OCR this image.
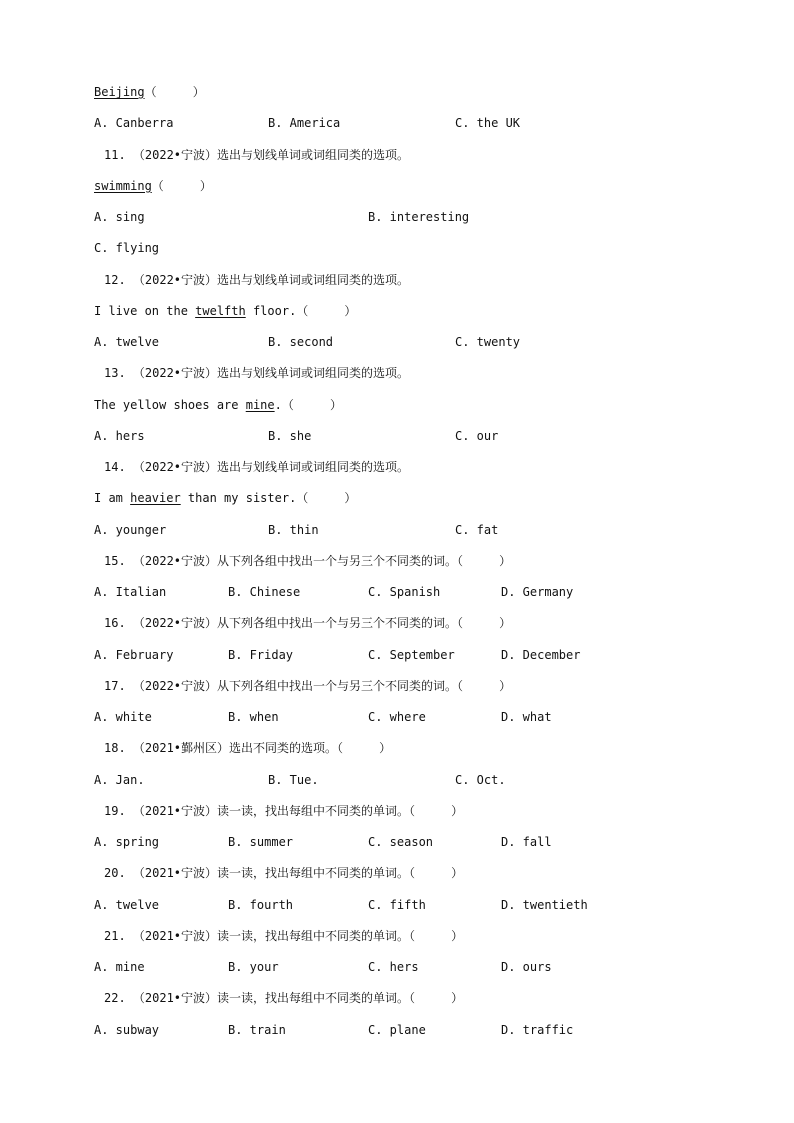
Beijing（     ）
A. Canberra	B. America	C. the UK
11. （2022•宁波）选出与划线单词或词组同类的选项。
swimming（     ）
A. sing	B. interesting
C. flying
12. （2022•宁波）选出与划线单词或词组同类的选项。
I live on the twelfth floor.（     ）
A. twelve	B. second	C. twenty
13. （2022•宁波）选出与划线单词或词组同类的选项。
The yellow shoes are mine.（     ）
A. hers	B. she	C. our
14. （2022•宁波）选出与划线单词或词组同类的选项。
I am heavier than my sister.（     ）
A. younger	B. thin	C. fat
15. （2022•宁波）从下列各组中找出一个与另三个不同类的词。（     ）
A. Italian	B. Chinese	C. Spanish	D. Germany
16. （2022•宁波）从下列各组中找出一个与另三个不同类的词。（     ）
A. February	B. Friday	C. September	D. December
17. （2022•宁波）从下列各组中找出一个与另三个不同类的词。（     ）
A. white	B. when	C. where	D. what
18. （2021•鄞州区）选出不同类的选项。（     ）
A. Jan.	B. Tue.	C. Oct.
19. （2021•宁波）读一读，找出每组中不同类的单词。（     ）
A. spring	B. summer	C. season	D. fall
20. （2021•宁波）读一读，找出每组中不同类的单词。（     ）
A. twelve	B. fourth	C. fifth	D. twentieth
21. （2021•宁波）读一读，找出每组中不同类的单词。（     ）
A. mine	B. your	C. hers	D. ours
22. （2021•宁波）读一读，找出每组中不同类的单词。（     ）
A. subway	B. train	C. plane	D. traffic
